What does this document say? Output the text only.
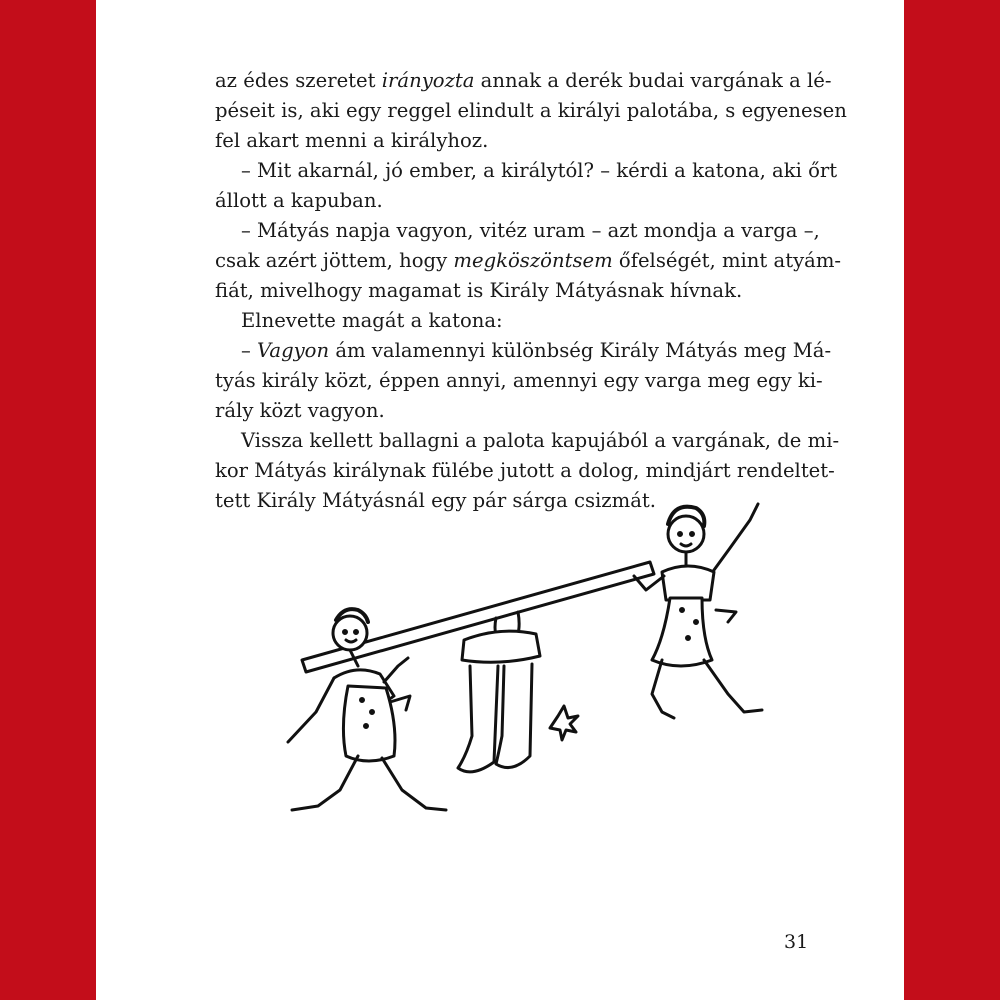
az édes szeretet irányozta annak a derék budai vargának a lé-
péseit is, aki egy reggel elindult a királyi palotába, s egyenesen
fel akart menni a királyhoz.
– Mit akarnál, jó ember, a királytól? – kérdi a katona, aki őrt
állott a kapuban.
– Mátyás napja vagyon, vitéz uram – azt mondja a varga –,
csak azért jöttem, hogy megköszöntsem őfelségét, mint atyám-
fiát, mivelhogy magamat is Király Mátyásnak hívnak.
Elnevette magát a katona:
– Vagyon ám valamennyi különbség Király Mátyás meg Má-
tyás király közt, éppen annyi, amennyi egy varga meg egy ki-
rály közt vagyon.
Vissza kellett ballagni a palota kapujából a vargának, de mi-
kor Mátyás királynak fülébe jutott a dolog, mindjárt rendeltet-
tett Király Mátyásnál egy pár sárga csizmát.
31
